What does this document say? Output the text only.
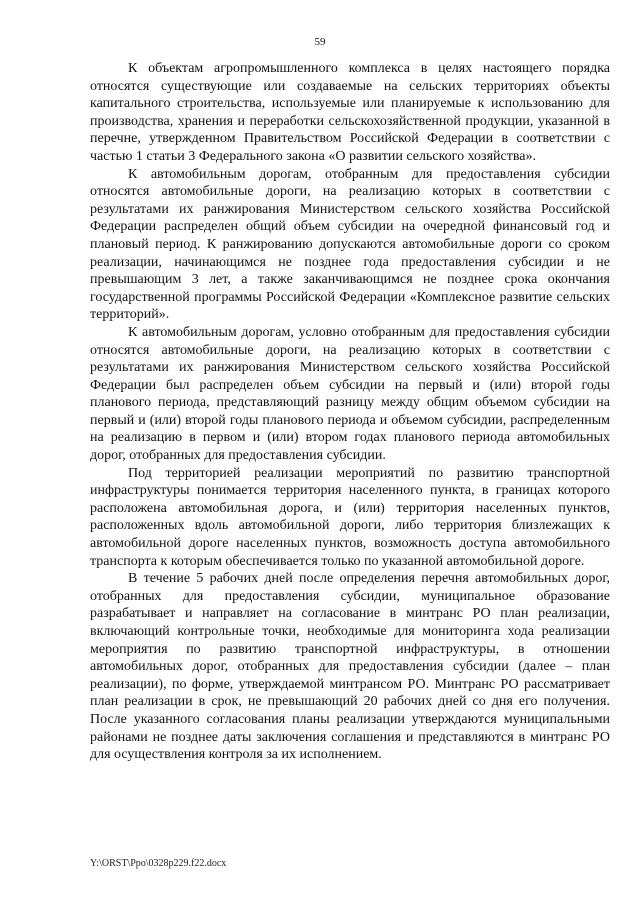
59

К объектам агропромышленного комплекса в целях настоящего порядка относятся существующие или создаваемые на сельских территориях объекты капитального строительства, используемые или планируемые к использованию для производства, хранения и переработки сельскохозяйственной продукции, указанной в перечне, утвержденном Правительством Российской Федерации в соответствии с частью 1 статьи 3 Федерального закона «О развитии сельского хозяйства».

К автомобильным дорогам, отобранным для предоставления субсидии относятся автомобильные дороги, на реализацию которых в соответствии с результатами их ранжирования Министерством сельского хозяйства Российской Федерации распределен общий объем субсидии на очередной финансовый год и плановый период. К ранжированию допускаются автомобильные дороги со сроком реализации, начинающимся не позднее года предоставления субсидии и не превышающим 3 лет, а также заканчивающимся не позднее срока окончания государственной программы Российской Федерации «Комплексное развитие сельских территорий».

К автомобильным дорогам, условно отобранным для предоставления субсидии относятся автомобильные дороги, на реализацию которых в соответствии с результатами их ранжирования Министерством сельского хозяйства Российской Федерации был распределен объем субсидии на первый и (или) второй годы планового периода, представляющий разницу между общим объемом субсидии на первый и (или) второй годы планового периода и объемом субсидии, распределенным на реализацию в первом и (или) втором годах планового периода автомобильных дорог, отобранных для предоставления субсидии.

Под территорией реализации мероприятий по развитию транспортной инфраструктуры понимается территория населенного пункта, в границах которого расположена автомобильная дорога, и (или) территория населенных пунктов, расположенных вдоль автомобильной дороги, либо территория близлежащих к автомобильной дороге населенных пунктов, возможность доступа автомобильного транспорта к которым обеспечивается только по указанной автомобильной дороге.

В течение 5 рабочих дней после определения перечня автомобильных дорог, отобранных для предоставления субсидии, муниципальное образование разрабатывает и направляет на согласование в минтранс РО план реализации, включающий контрольные точки, необходимые для мониторинга хода реализации мероприятия по развитию транспортной инфраструктуры, в отношении автомобильных дорог, отобранных для предоставления субсидии (далее – план реализации), по форме, утверждаемой минтрансом РО. Минтранс РО рассматривает план реализации в срок, не превышающий 20 рабочих дней со дня его получения. После указанного согласования планы реализации утверждаются муниципальными районами не позднее даты заключения соглашения и представляются в минтранс РО для осуществления контроля за их исполнением.

Y:\ORST\Ppo\0328p229.f22.docx
